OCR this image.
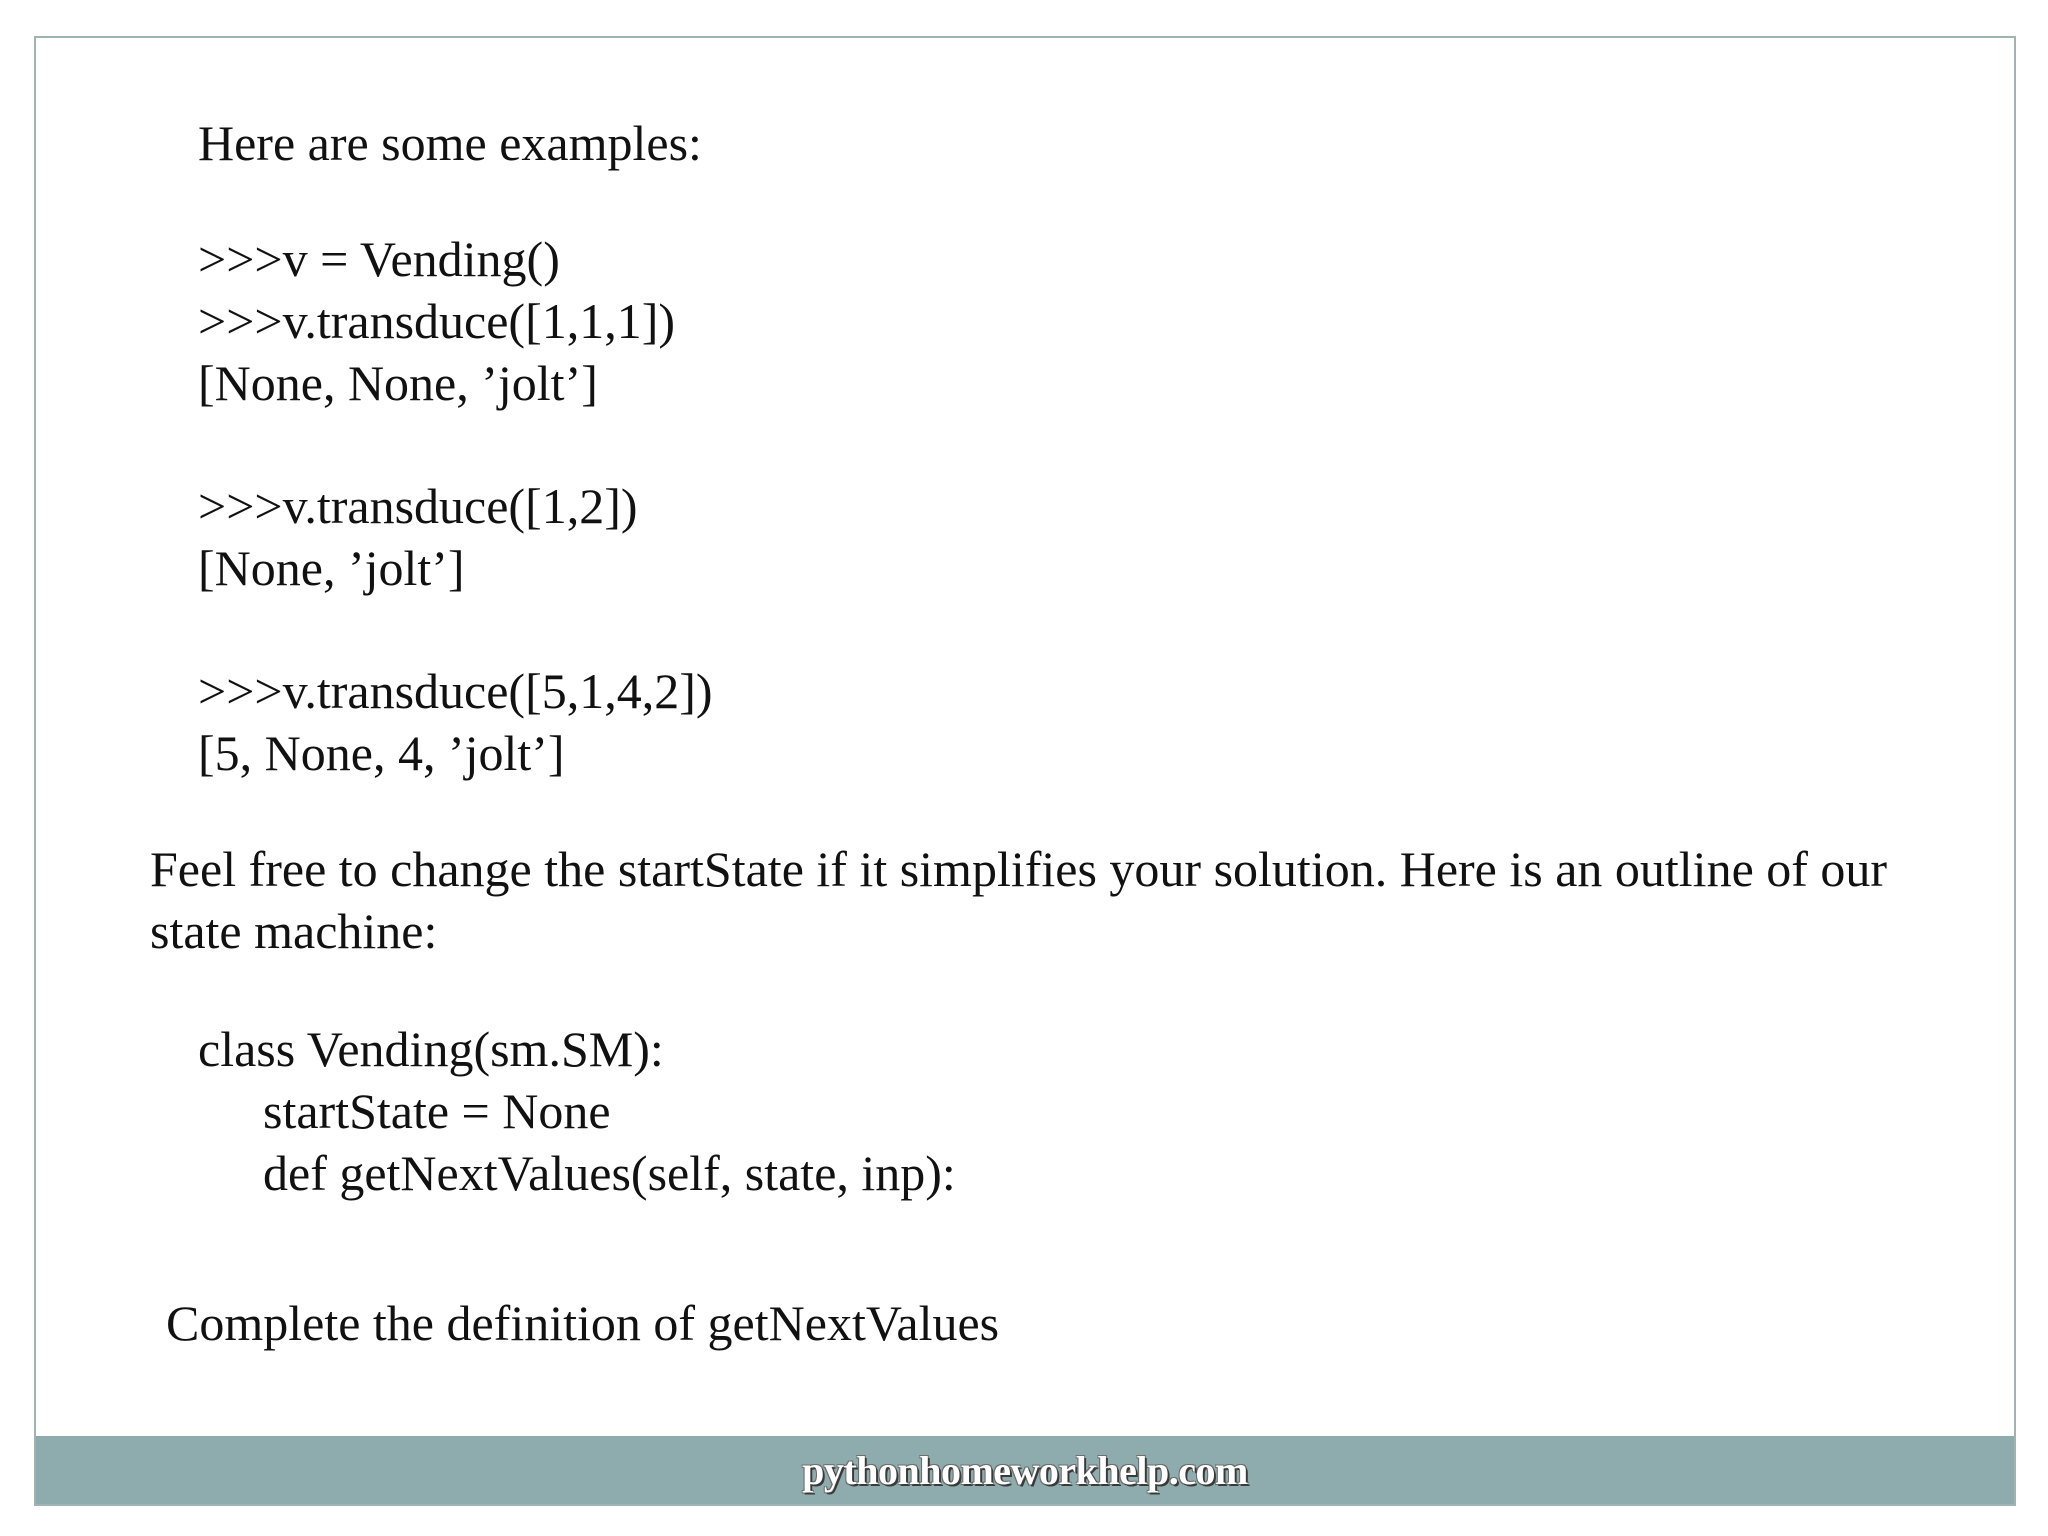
Here are some examples:

>>>v = Vending()

>>>v.transduce([1,1,1])

[None, None, ’jolt’]

>>>v.transduce([1,2])

[None, ’jolt’]

>>>v.transduce([5,1,4,2])

[5, None, 4, ’jolt’]

Feel free to change the startState if it simplifies your solution. Here is an outline of our

state machine:

class Vending(sm.SM):

startState = None

def getNextValues(self, state, inp):

Complete the definition of getNextValues

pythonhomeworkhelp.com
